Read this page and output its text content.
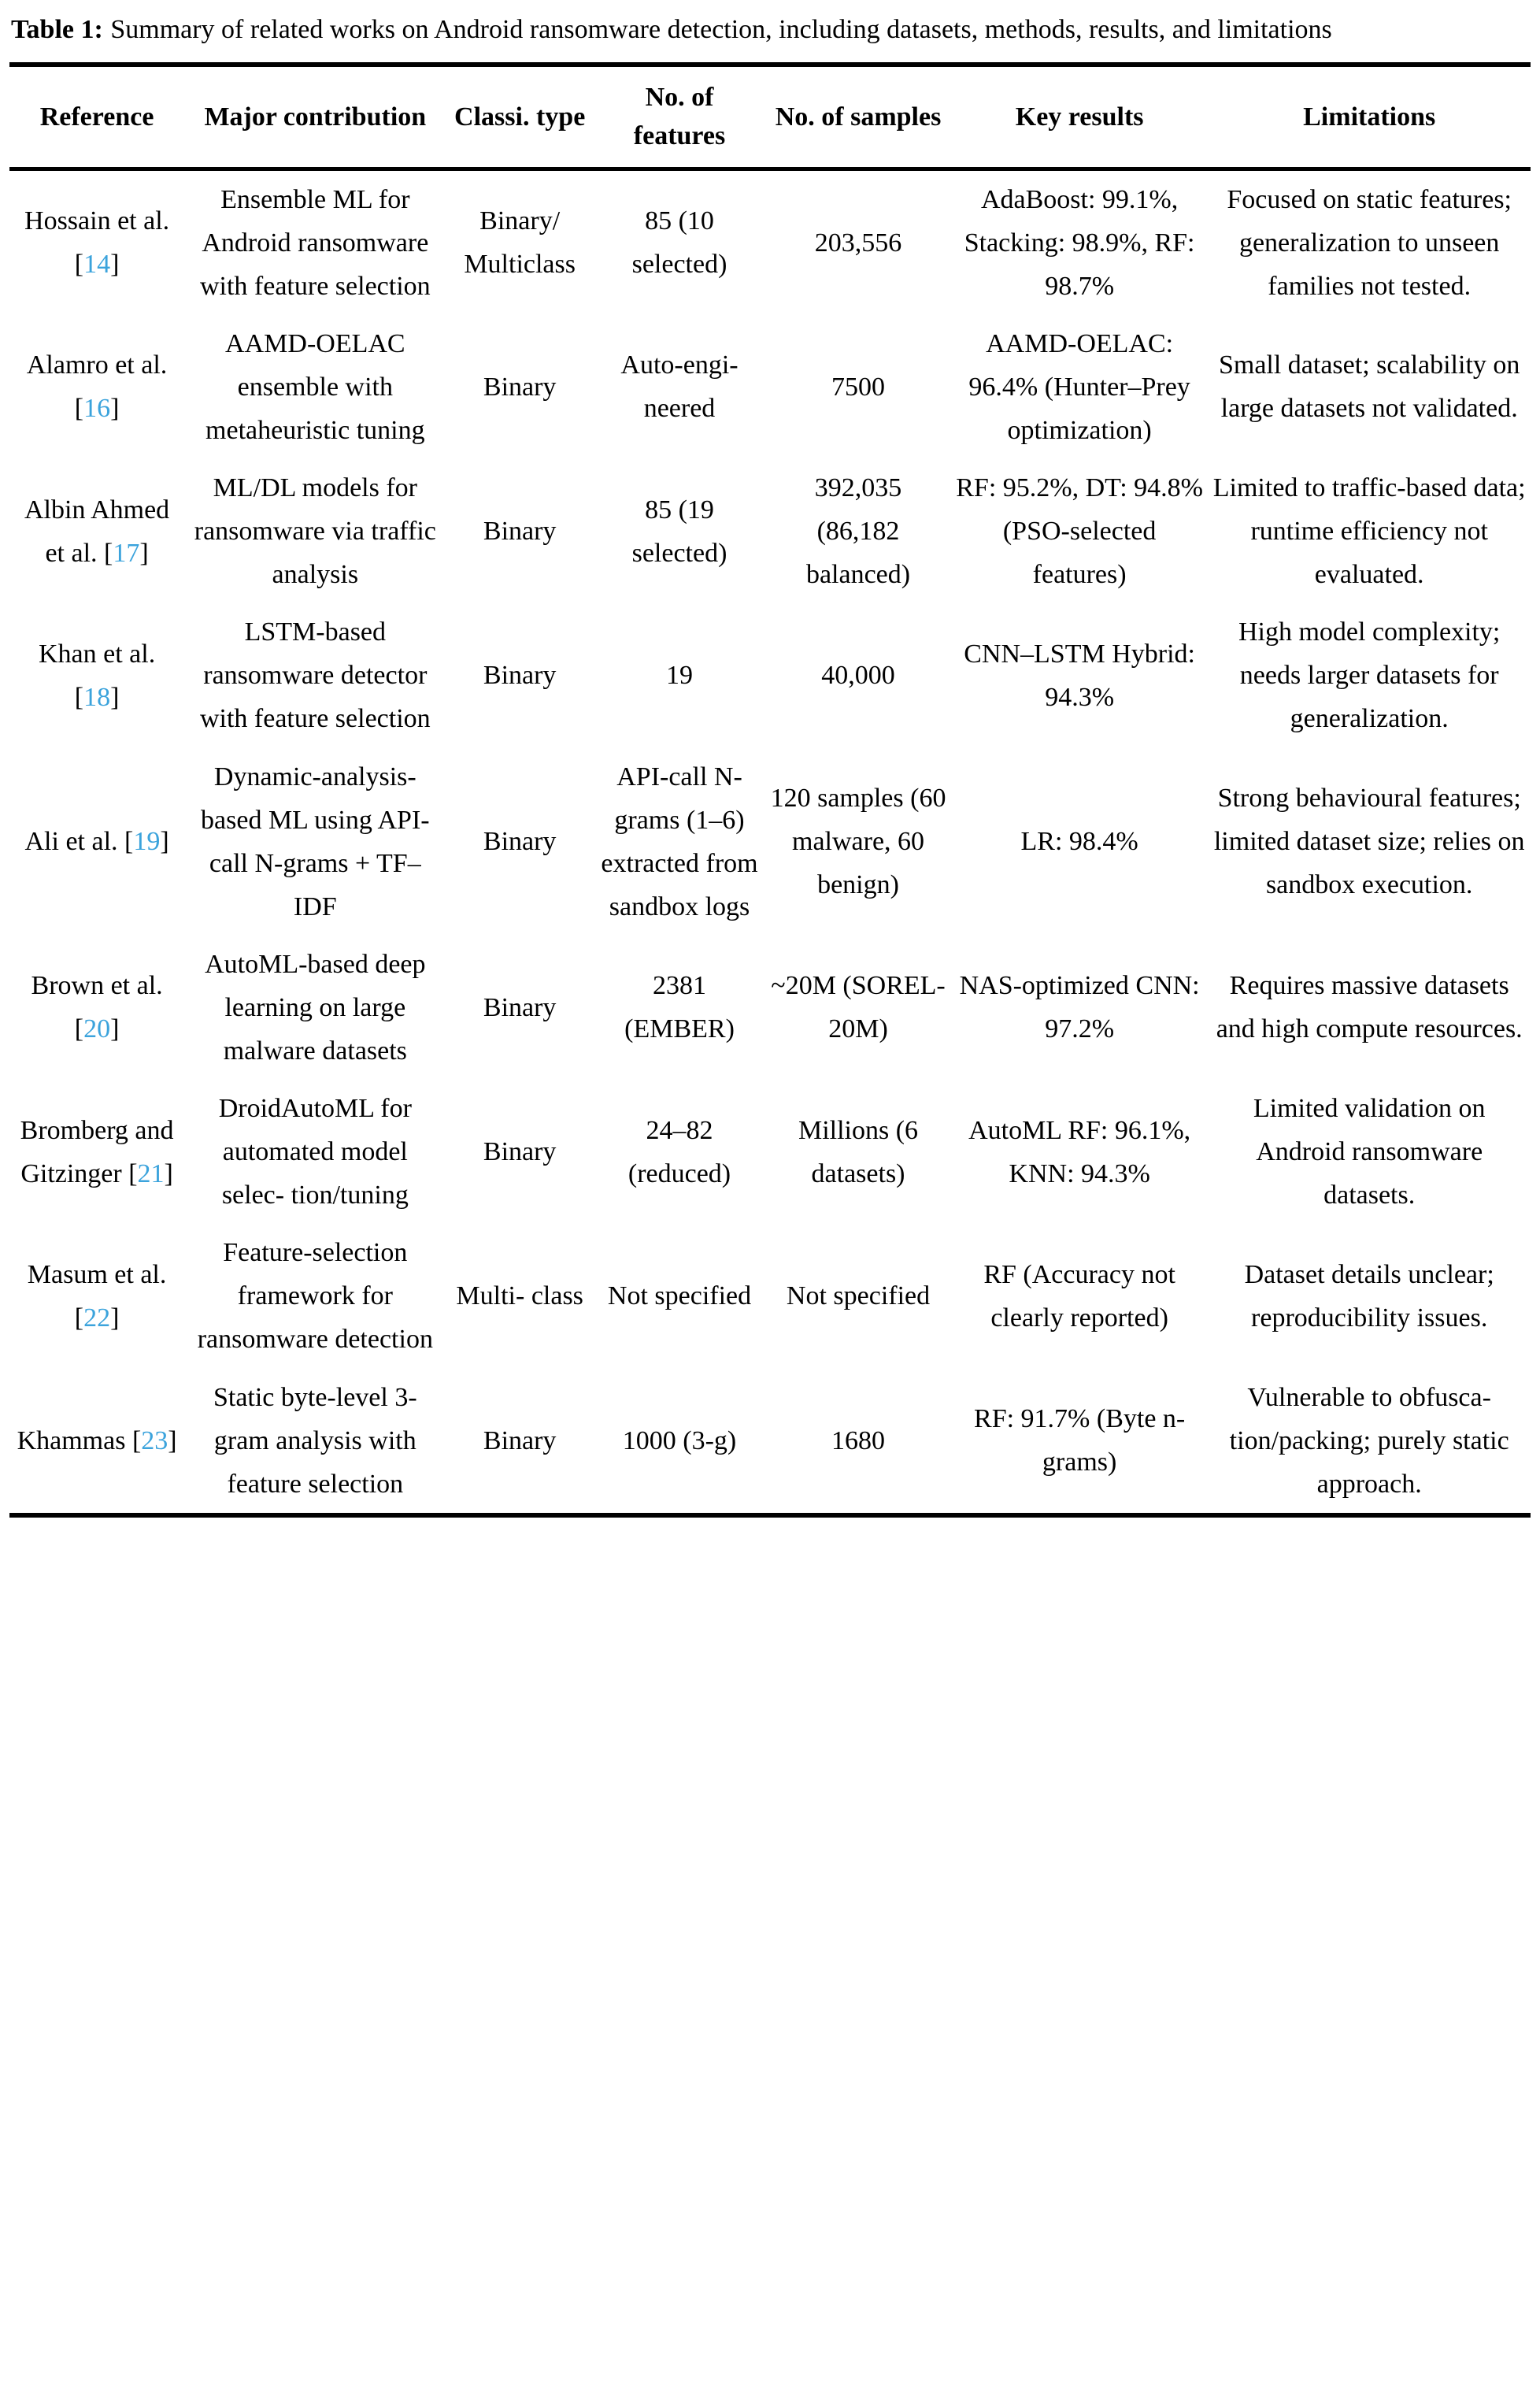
Table 1: Summary of related works on Android ransomware detection, including datasets, methods, results, and limitations
Reference	Major contribution	Classi. type	No. of features	No. of samples	Key results	Limitations
Hossain et al. [14]	Ensemble ML for Android ransomware with feature selection	Binary/ Multiclass	85 (10 selected)	203,556	AdaBoost: 99.1%, Stacking: 98.9%, RF: 98.7%	Focused on static features; generalization to unseen families not tested.
Alamro et al. [16]	AAMD-OELAC ensemble with metaheuristic tuning	Binary	Auto-engi-neered	7500	AAMD-OELAC: 96.4% (Hunter–Prey optimization)	Small dataset; scalability on large datasets not validated.
Albin Ahmed et al. [17]	ML/DL models for ransomware via traffic analysis	Binary	85 (19 selected)	392,035 (86,182 balanced)	RF: 95.2%, DT: 94.8% (PSO-selected features)	Limited to traffic-based data; runtime efficiency not evaluated.
Khan et al. [18]	LSTM-based ransomware detector with feature selection	Binary	19	40,000	CNN–LSTM Hybrid: 94.3%	High model complexity; needs larger datasets for generalization.
Ali et al. [19]	Dynamic-analysis-based ML using API-call N-grams + TF–IDF	Binary	API-call N-grams (1–6) extracted from sandbox logs	120 samples (60 malware, 60 benign)	LR: 98.4%	Strong behavioural features; limited dataset size; relies on sandbox execution.
Brown et al. [20]	AutoML-based deep learning on large malware datasets	Binary	2381 (EMBER)	~20M (SOREL- 20M)	NAS-optimized CNN: 97.2%	Requires massive datasets and high compute resources.
Bromberg and Gitzinger [21]	DroidAutoML for automated model selec- tion/tuning	Binary	24–82 (reduced)	Millions (6 datasets)	AutoML RF: 96.1%, KNN: 94.3%	Limited validation on Android ransomware datasets.
Masum et al. [22]	Feature-selection framework for ransomware detection	Multi- class	Not specified	Not specified	RF (Accuracy not clearly reported)	Dataset details unclear; reproducibility issues.
Khammas [23]	Static byte-level 3-gram analysis with feature selection	Binary	1000 (3-g)	1680	RF: 91.7% (Byte n-grams)	Vulnerable to obfusca- tion/packing; purely static approach.
